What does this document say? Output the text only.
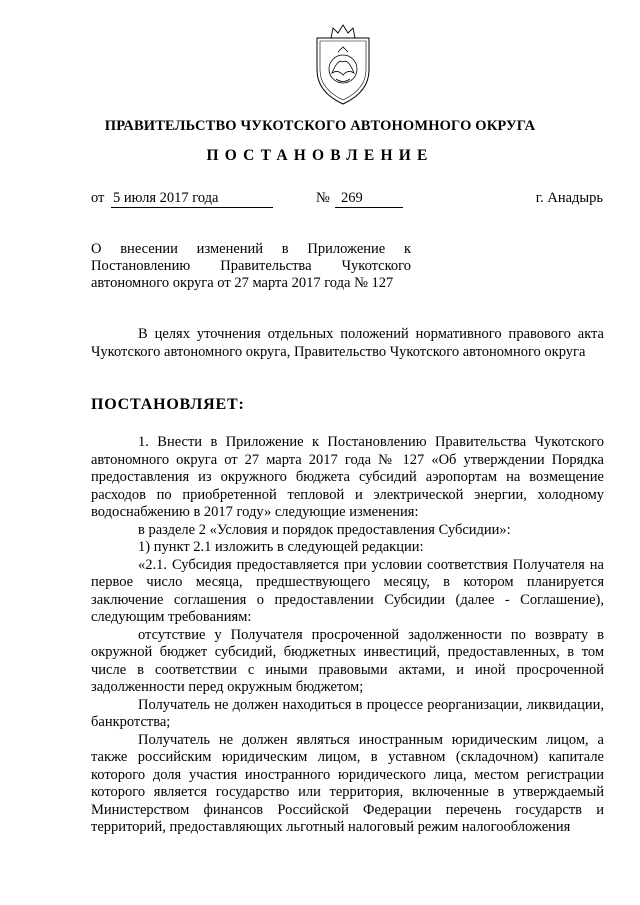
ПРАВИТЕЛЬСТВО ЧУКОТСКОГО АВТОНОМНОГО ОКРУГА
ПОСТАНОВЛЕНИЕ
от 5 июля 2017 года	№ 269	г. Анадырь
О внесении изменений в Приложение к Постановлению Правительства Чукотского автономного округа от 27 марта 2017 года № 127

В целях уточнения отдельных положений нормативного правового акта Чукотского автономного округа, Правительство Чукотского автономного округа

ПОСТАНОВЛЯЕТ:

1. Внести в Приложение к Постановлению Правительства Чукотского автономного округа от 27 марта 2017 года № 127 «Об утверждении Порядка предоставления из окружного бюджета субсидий аэропортам на возмещение расходов по приобретенной тепловой и электрической энергии, холодному водоснабжению в 2017 году» следующие изменения:

в разделе 2 «Условия и порядок предоставления Субсидии»:

1) пункт 2.1 изложить в следующей редакции:

«2.1. Субсидия предоставляется при условии соответствия Получателя на первое число месяца, предшествующего месяцу, в котором планируется заключение соглашения о предоставлении Субсидии (далее - Соглашение), следующим требованиям:

отсутствие у Получателя просроченной задолженности по возврату в окружной бюджет субсидий, бюджетных инвестиций, предоставленных, в том числе в соответствии с иными правовыми актами, и иной просроченной задолженности перед окружным бюджетом;

Получатель не должен находиться в процессе реорганизации, ликвидации, банкротства;

Получатель не должен являться иностранным юридическим лицом, а также российским юридическим лицом, в уставном (складочном) капитале которого доля участия иностранного юридического лица, местом регистрации которого является государство или территория, включенные в утверждаемый Министерством финансов Российской Федерации перечень государств и территорий, предоставляющих льготный налоговый режим налогообложения
